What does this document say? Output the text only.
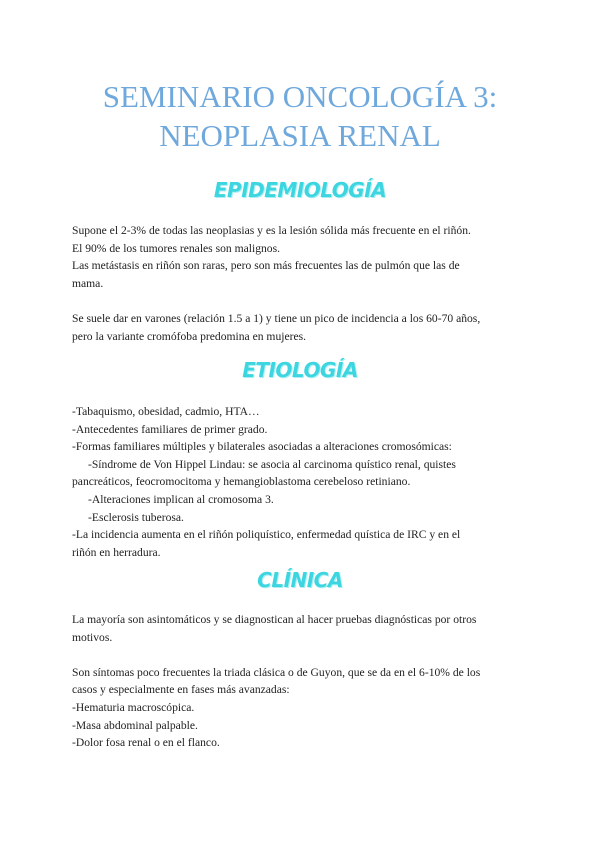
SEMINARIO ONCOLOGÍA 3:
NEOPLASIA RENAL
EPIDEMIOLOGÍA
Supone el 2-3% de todas las neoplasias y es la lesión sólida más frecuente en el riñón.
El 90% de los tumores renales son malignos.
Las metástasis en riñón son raras, pero son más frecuentes las de pulmón que las de
mama.
Se suele dar en varones (relación 1.5 a 1) y tiene un pico de incidencia a los 60-70 años,
pero la variante cromófoba predomina en mujeres.
ETIOLOGÍA
-Tabaquismo, obesidad, cadmio, HTA…
-Antecedentes familiares de primer grado.
-Formas familiares múltiples y bilaterales asociadas a alteraciones cromosómicas:
-Síndrome de Von Hippel Lindau: se asocia al carcinoma quístico renal, quistes
pancreáticos, feocromocitoma y hemangioblastoma cerebeloso retiniano.
-Alteraciones implican al cromosoma 3.
-Esclerosis tuberosa.
-La incidencia aumenta en el riñón poliquístico, enfermedad quística de IRC y en el
riñón en herradura.
CLÍNICA
La mayoría son asintomáticos y se diagnostican al hacer pruebas diagnósticas por otros
motivos.
Son síntomas poco frecuentes la triada clásica o de Guyon, que se da en el 6-10% de los
casos y especialmente en fases más avanzadas:
-Hematuria macroscópica.
-Masa abdominal palpable.
-Dolor fosa renal o en el flanco.
